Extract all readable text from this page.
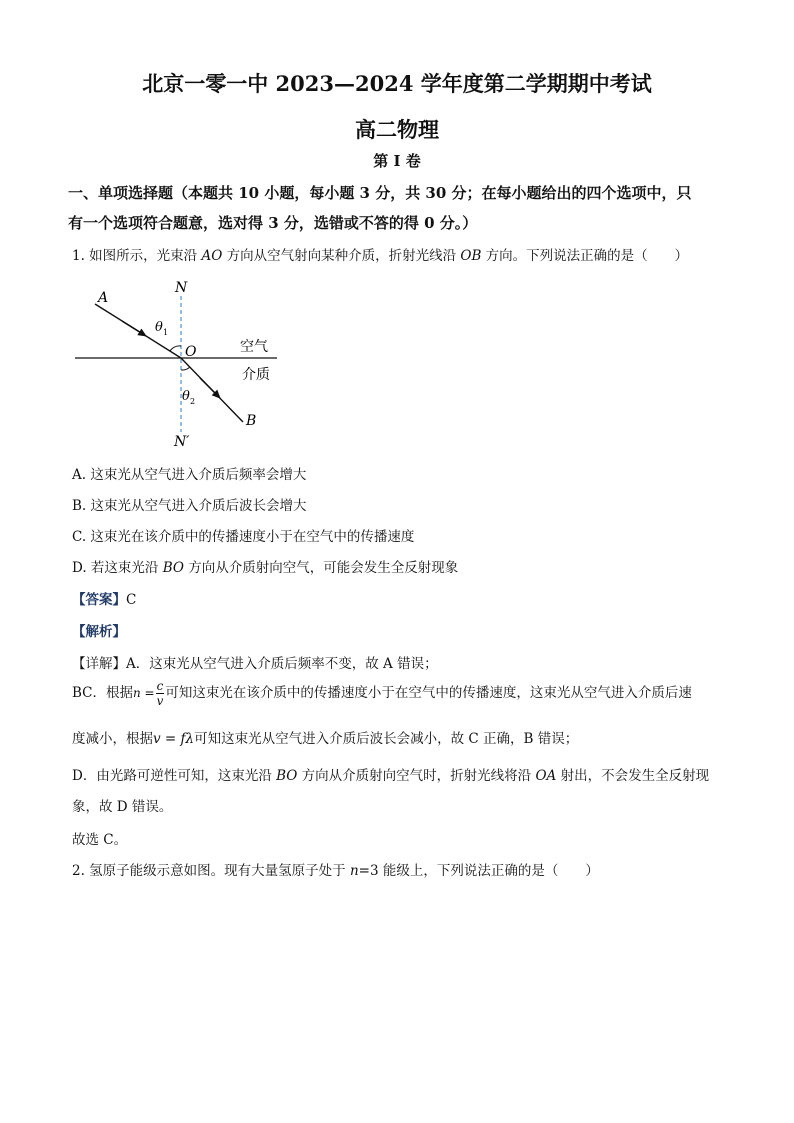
北京一零一中 2023—2024 学年度第二学期期中考试
高二物理
第 I 卷
一、单项选择题（本题共 10 小题，每小题 3 分，共 30 分；在每小题给出的四个选项中，只
有一个选项符合题意，选对得 3 分，选错或不答的得 0 分。）
1. 如图所示，光束沿 AO 方向从空气射向某种介质，折射光线沿 OB 方向。下列说法正确的是（　　）
A
N
O
B
N′
θ 1
θ 2
空气
介质
A. 这束光从空气进入介质后频率会增大
B. 这束光从空气进入介质后波长会增大
C. 这束光在该介质中的传播速度小于在空气中的传播速度
D. 若这束光沿 BO 方向从介质射向空气，可能会发生全反射现象
【答案】C
【解析】
【详解】A．这束光从空气进入介质后频率不变，故 A 错误；
BC．根据$n = \frac{c}{v}$ 可知这束光在该介质中的传播速度小于在空气中的传播速度，这束光从空气进入介质后速
度减小，根据v = fλ可知这束光从空气进入介质后波长会减小，故 C 正确，B 错误；
D．由光路可逆性可知，这束光沿 BO 方向从介质射向空气时，折射光线将沿 OA 射出，不会发生全反射现
象，故 D 错误。
故选 C。
2. 氢原子能级示意如图。现有大量氢原子处于 n=3 能级上，下列说法正确的是（　　）
